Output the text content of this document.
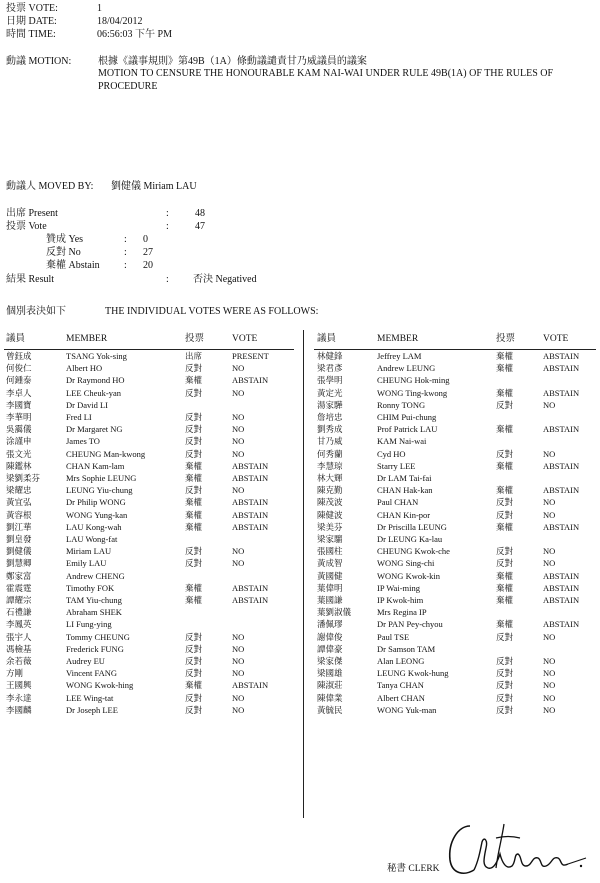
投票 VOTE:	1
日期 DATE:	18/04/2012
時間 TIME:	06:56:03 下午 PM
動議 MOTION:	根據《議事規則》第49B（1A）條動議譴責甘乃威議員的議案
MOTION TO CENSURE THE HONOURABLE KAM NAI-WAI UNDER RULE 49B(1A) OF THE RULES OF
PROCEDURE
動議人 MOVED BY: 劉健儀 Miriam LAU
出席 Present	:	48
投票 Vote	:	47
贊成 Yes	: 0
反對 No	: 27
棄權 Abstain : 20
結果 Result	: 否決 Negatived
個別表決如下	THE INDIVIDUAL VOTES WERE AS FOLLOWS:
議員	MEMBER	投票	VOTE	議員	MEMBER	投票	VOTE
曾鈺成	TSANG Yok-sing	出席	PRESENT
何俊仁	Albert HO	反對	NO
何鍾泰	Dr Raymond HO	棄權	ABSTAIN
李卓人	LEE Cheuk-yan	反對	NO
李國寶	Dr David LI
李華明	Fred LI	反對	NO
吳靄儀	Dr Margaret NG	反對	NO
涂謹申	James TO	反對	NO
張文光	CHEUNG Man-kwong	反對	NO
陳鑑林	CHAN Kam-lam	棄權	ABSTAIN
梁劉柔芬	Mrs Sophie LEUNG	棄權	ABSTAIN
梁耀忠	LEUNG Yiu-chung	反對	NO
黃宜弘	Dr Philip WONG	棄權	ABSTAIN
黃容根	WONG Yung-kan	棄權	ABSTAIN
劉江華	LAU Kong-wah	棄權	ABSTAIN
劉皇發	LAU Wong-fat
劉健儀	Miriam LAU	反對	NO
劉慧卿	Emily LAU	反對	NO
鄭家富	Andrew CHENG
霍震霆	Timothy FOK	棄權	ABSTAIN
譚耀宗	TAM Yiu-chung	棄權	ABSTAIN
石禮謙	Abraham SHEK
李鳳英	LI Fung-ying
張宇人	Tommy CHEUNG	反對	NO
馮檢基	Frederick FUNG	反對	NO
余若薇	Audrey EU	反對	NO
方剛	Vincent FANG	反對	NO
王國興	WONG Kwok-hing	棄權	ABSTAIN
李永達	LEE Wing-tat	反對	NO
李國麟	Dr Joseph LEE	反對	NO
林健鋒	Jeffrey LAM	棄權	ABSTAIN
梁君彥	Andrew LEUNG	棄權	ABSTAIN
張學明	CHEUNG Hok-ming
黃定光	WONG Ting-kwong	棄權	ABSTAIN
湯家驊	Ronny TONG	反對	NO
詹培忠	CHIM Pui-chung
劉秀成	Prof Patrick LAU	棄權	ABSTAIN
甘乃威	KAM Nai-wai
何秀蘭	Cyd HO	反對	NO
李慧琼	Starry LEE	棄權	ABSTAIN
林大輝	Dr LAM Tai-fai
陳克勤	CHAN Hak-kan	棄權	ABSTAIN
陳茂波	Paul CHAN	反對	NO
陳健波	CHAN Kin-por	反對	NO
梁美芬	Dr Priscilla LEUNG	棄權	ABSTAIN
梁家騮	Dr LEUNG Ka-lau
張國柱	CHEUNG Kwok-che	反對	NO
黃成智	WONG Sing-chi	反對	NO
黃國健	WONG Kwok-kin	棄權	ABSTAIN
葉偉明	IP Wai-ming	棄權	ABSTAIN
葉國謙	IP Kwok-him	棄權	ABSTAIN
葉劉淑儀	Mrs Regina IP
潘佩璆	Dr PAN Pey-chyou	棄權	ABSTAIN
謝偉俊	Paul TSE	反對	NO
譚偉豪	Dr Samson TAM
梁家傑	Alan LEONG	反對	NO
梁國雄	LEUNG Kwok-hung	反對	NO
陳淑莊	Tanya CHAN	反對	NO
陳偉業	Albert CHAN	反對	NO
黃毓民	WONG Yuk-man	反對	NO
秘書 CLERK
